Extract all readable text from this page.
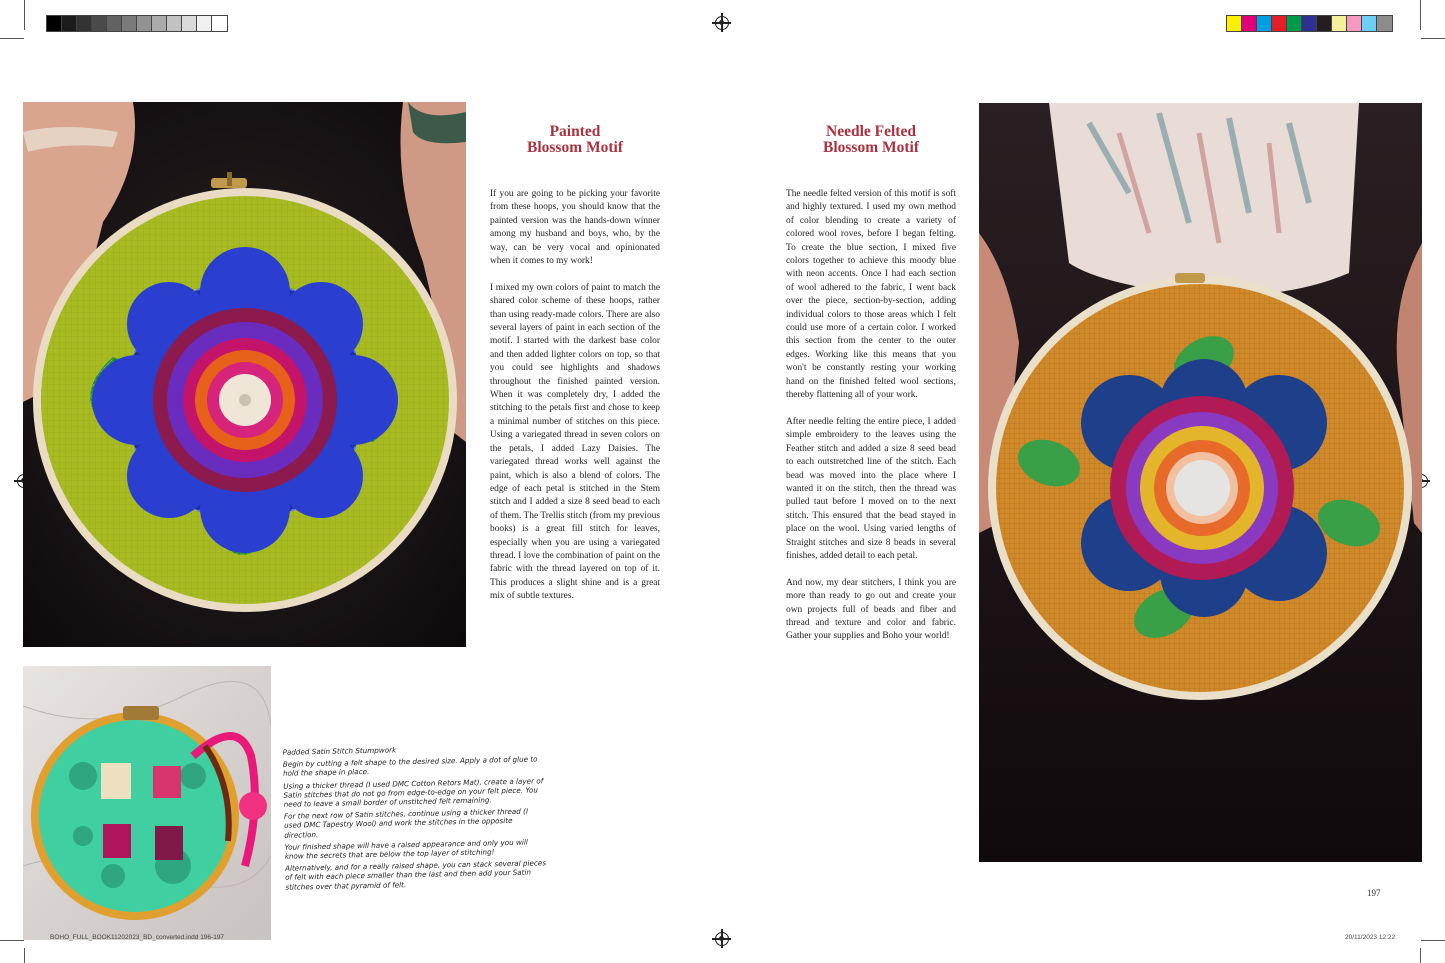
Painted
Blossom Motif

If you are going to be picking your favorite from these hoops, you should know that the painted version was the hands-down winner among my husband and boys, who, by the way, can be very vocal and opinionated when it comes to my work!

I mixed my own colors of paint to match the shared color scheme of these hoops, rather than using ready-made colors. There are also several layers of paint in each section of the motif. I started with the darkest base color and then added lighter colors on top, so that you could see highlights and shadows throughout the finished painted version. When it was completely dry, I added the stitching to the petals first and chose to keep a minimal number of stitches on this piece. Using a variegated thread in seven colors on the petals, I added Lazy Daisies. The variegated thread works well against the paint, which is also a blend of colors. The edge of each petal is stitched in the Stem stitch and I added a size 8 seed bead to each of them. The Trellis stitch (from my previous books) is a great fill stitch for leaves, especially when you are using a variegated thread. I love the combination of paint on the fabric with the thread layered on top of it. This produces a slight shine and is a great mix of subtle textures.

Needle Felted
Blossom Motif

The needle felted version of this motif is soft and highly textured. I used my own method of color blending to create a variety of colored wool roves, before I began felting. To create the blue section, I mixed five colors together to achieve this moody blue with neon accents. Once I had each section of wool adhered to the fabric, I went back over the piece, section-by-section, adding individual colors to those areas which I felt could use more of a certain color. I worked this section from the center to the outer edges. Working like this means that you won't be constantly resting your working hand on the finished felted wool sections, thereby flattening all of your work.

After needle felting the entire piece, I added simple embroidery to the leaves using the Feather stitch and added a size 8 seed bead to each outstretched line of the stitch. Each bead was moved into the place where I wanted it on the stitch, then the thread was pulled taut before I moved on to the next stitch. This ensured that the bead stayed in place on the wool. Using varied lengths of Straight stitches and size 8 beads in several finishes, added detail to each petal.

And now, my dear stitchers, I think you are more than ready to go out and create your own projects full of beads and fiber and thread and texture and color and fabric. Gather your supplies and Boho your world!

Padded Satin Stitch Stumpwork

Begin by cutting a felt shape to the desired size. Apply a dot of glue to hold the shape in place.

Using a thicker thread (I used DMC Cotton Retors Mat), create a layer of Satin stitches that do not go from edge-to-edge on your felt piece. You need to leave a small border of unstitched felt remaining.

For the next row of Satin stitches, continue using a thicker thread (I used DMC Tapestry Wool) and work the stitches in the opposite direction.

Your finished shape will have a raised appearance and only you will know the secrets that are below the top layer of stitching!

Alternatively, and for a really raised shape, you can stack several pieces of felt with each piece smaller than the last and then add your Satin stitches over that pyramid of felt.

197
BOHO_FULL_BOOK11202023_BD_converted.indd 196-197	20/11/2023 12:22
